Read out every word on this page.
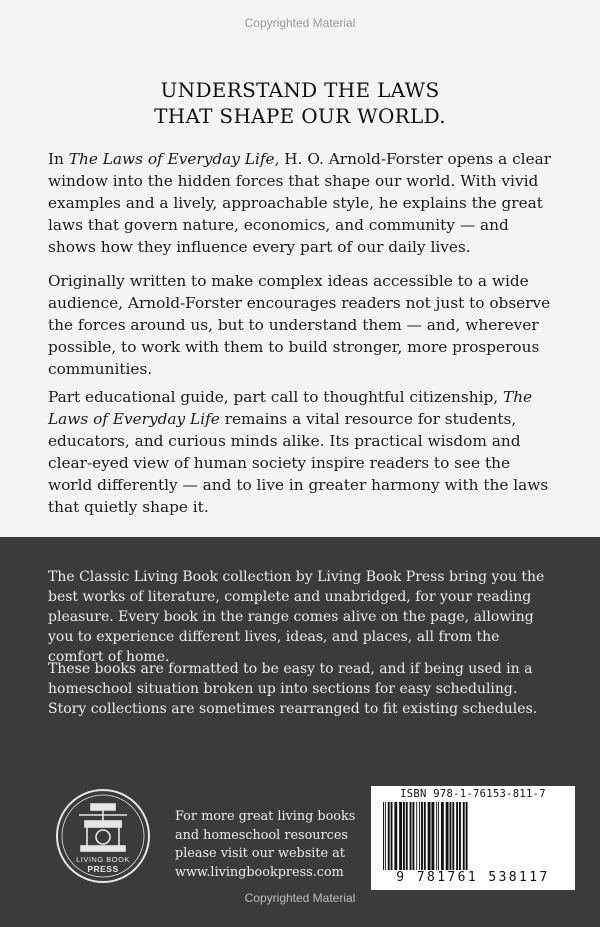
Copyrighted Material
UNDERSTAND THE LAWS
THAT SHAPE OUR WORLD.

In The Laws of Everyday Life, H. O. Arnold-Forster opens a clear window into the hidden forces that shape our world. With vivid examples and a lively, approachable style, he explains the great laws that govern nature, economics, and community — and shows how they influence every part of our daily lives.

Originally written to make complex ideas accessible to a wide audience, Arnold-Forster encourages readers not just to observe the forces around us, but to understand them — and, wherever possible, to work with them to build stronger, more prosperous communities.

Part educational guide, part call to thoughtful citizenship, The Laws of Everyday Life remains a vital resource for students, educators, and curious minds alike. Its practical wisdom and clear-eyed view of human society inspire readers to see the world differently — and to live in greater harmony with the laws that quietly shape it.

The Classic Living Book collection by Living Book Press bring you the best works of literature, complete and unabridged, for your reading pleasure. Every book in the range comes alive on the page, allowing you to experience different lives, ideas, and places, all from the comfort of home.

These books are formatted to be easy to read, and if being used in a homeschool situation broken up into sections for easy scheduling. Story collections are sometimes rearranged to fit existing schedules.

LIVING BOOK
PRESS
For more great living books
and homeschool resources
please visit our website at
www.livingbookpress.com
ISBN 978-1-76153-811-7
9 781761 538117
Copyrighted Material
